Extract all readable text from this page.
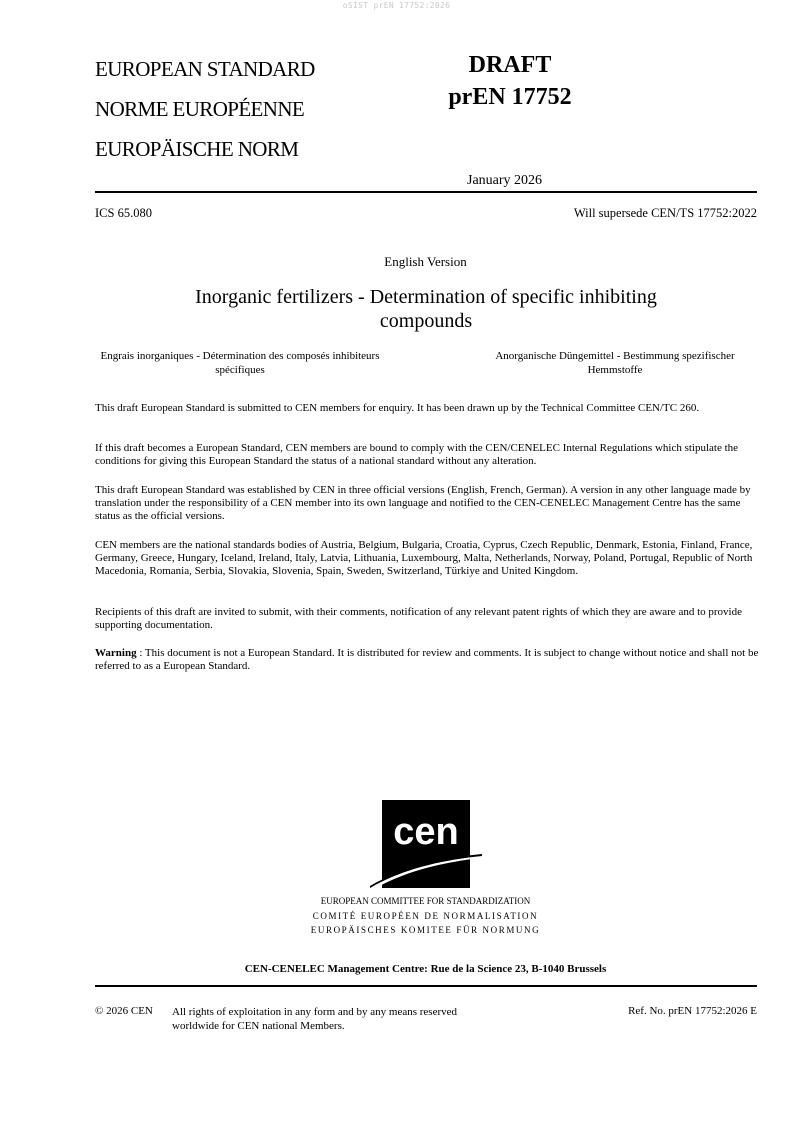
oSIST prEN 17752:2026
EUROPEAN STANDARD
NORME EUROPÉENNE
EUROPÄISCHE NORM
DRAFT
prEN 17752
January 2026
ICS 65.080	Will supersede CEN/TS 17752:2022
English Version
Inorganic fertilizers - Determination of specific inhibiting compounds
Engrais inorganiques - Détermination des composés inhibiteurs spécifiques
Anorganische Düngemittel - Bestimmung spezifischer Hemmstoffe
This draft European Standard is submitted to CEN members for enquiry. It has been drawn up by the Technical Committee CEN/TC 260.
If this draft becomes a European Standard, CEN members are bound to comply with the CEN/CENELEC Internal Regulations which stipulate the conditions for giving this European Standard the status of a national standard without any alteration.
This draft European Standard was established by CEN in three official versions (English, French, German). A version in any other language made by translation under the responsibility of a CEN member into its own language and notified to the CEN-CENELEC Management Centre has the same status as the official versions.
CEN members are the national standards bodies of Austria, Belgium, Bulgaria, Croatia, Cyprus, Czech Republic, Denmark, Estonia, Finland, France, Germany, Greece, Hungary, Iceland, Ireland, Italy, Latvia, Lithuania, Luxembourg, Malta, Netherlands, Norway, Poland, Portugal, Republic of North Macedonia, Romania, Serbia, Slovakia, Slovenia, Spain, Sweden, Switzerland, Türkiye and United Kingdom.
Recipients of this draft are invited to submit, with their comments, notification of any relevant patent rights of which they are aware and to provide supporting documentation.
Warning : This document is not a European Standard. It is distributed for review and comments. It is subject to change without notice and shall not be referred to as a European Standard.
cen
EUROPEAN COMMITTEE FOR STANDARDIZATION
COMITÉ EUROPÉEN DE NORMALISATION
EUROPÄISCHES KOMITEE FÜR NORMUNG
CEN-CENELEC Management Centre: Rue de la Science 23, B-1040 Brussels
© 2026 CEN All rights of exploitation in any form and by any means reserved
worldwide for CEN national Members.
Ref. No. prEN 17752:2026 E
